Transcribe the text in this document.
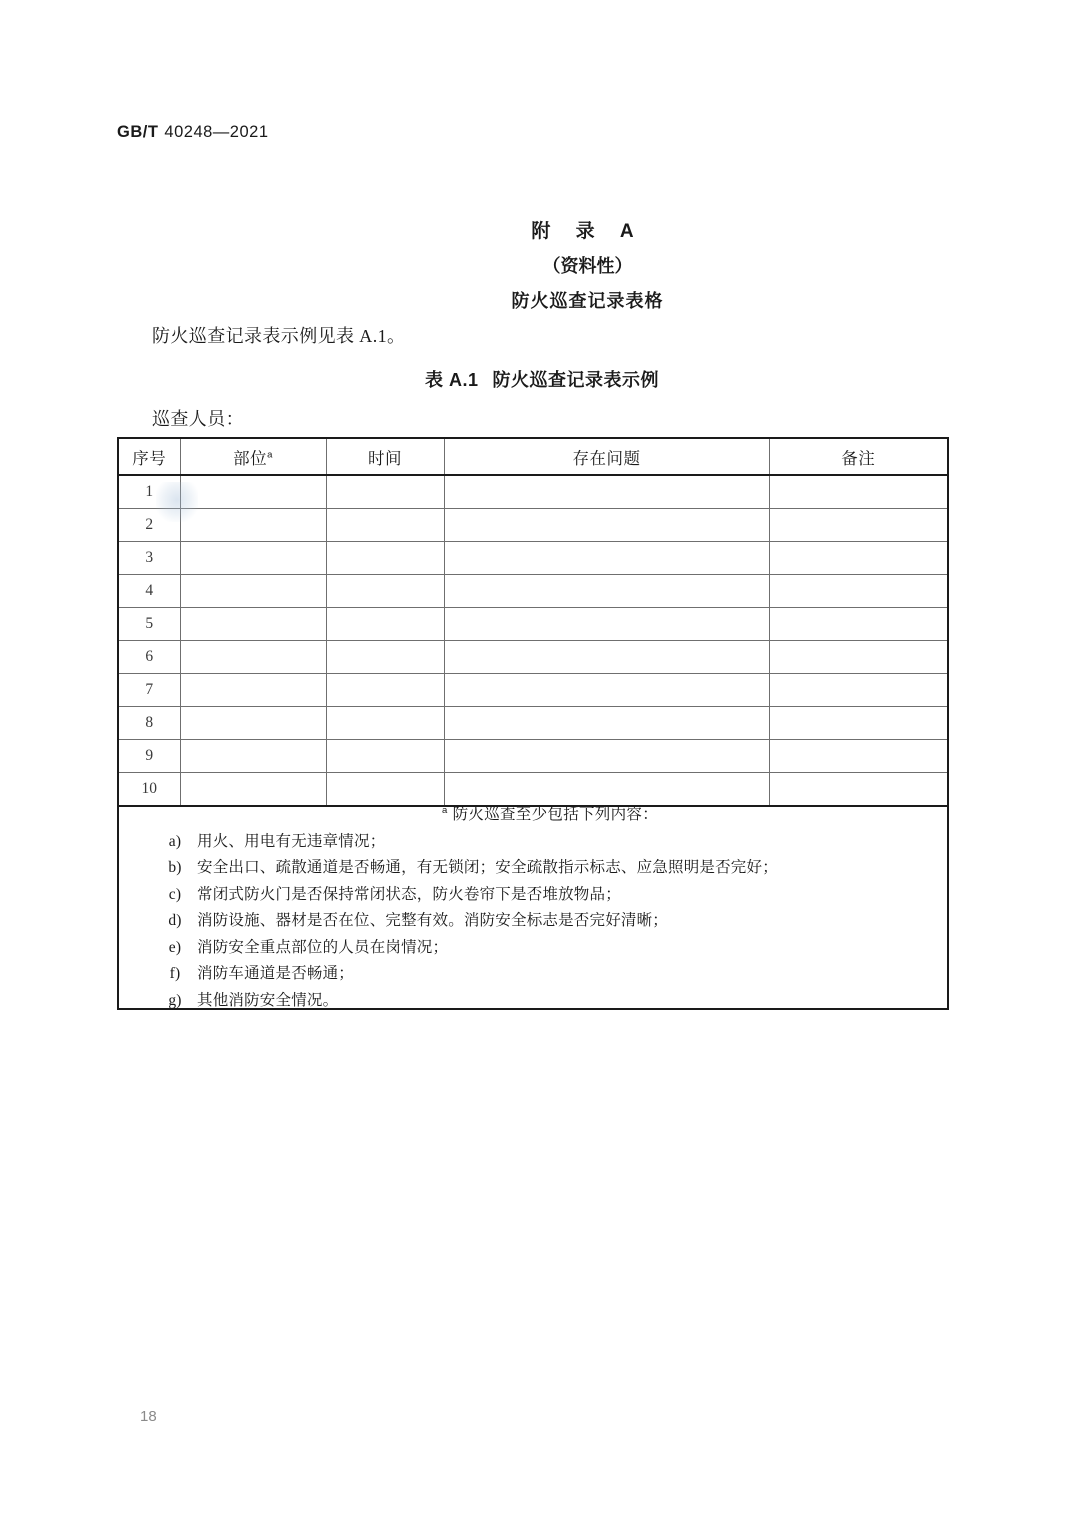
GB/T 40248—2021
附 录 A
（资料性）
防火巡查记录表格
防火巡查记录表示例见表 A.1。
表 A.1 防火巡查记录表示例
巡查人员：
序号	部位$^a$	时间	存在问题	备注
1				
2				
3				
4				
5				
6				
7				
8				
9				
10				

$^a$ 防火巡查至少包括下列内容：
a)	用火、用电有无违章情况；
b) 安全出口、疏散通道是否畅通，有无锁闭；安全疏散指示标志、应急照明是否完好；
c)	常闭式防火门是否保持常闭状态，防火卷帘下是否堆放物品；
d) 消防设施、器材是否在位、完整有效。消防安全标志是否完好清晰；
e)	消防安全重点部位的人员在岗情况；
f)	消防车通道是否畅通；
g) 其他消防安全情况。
18
